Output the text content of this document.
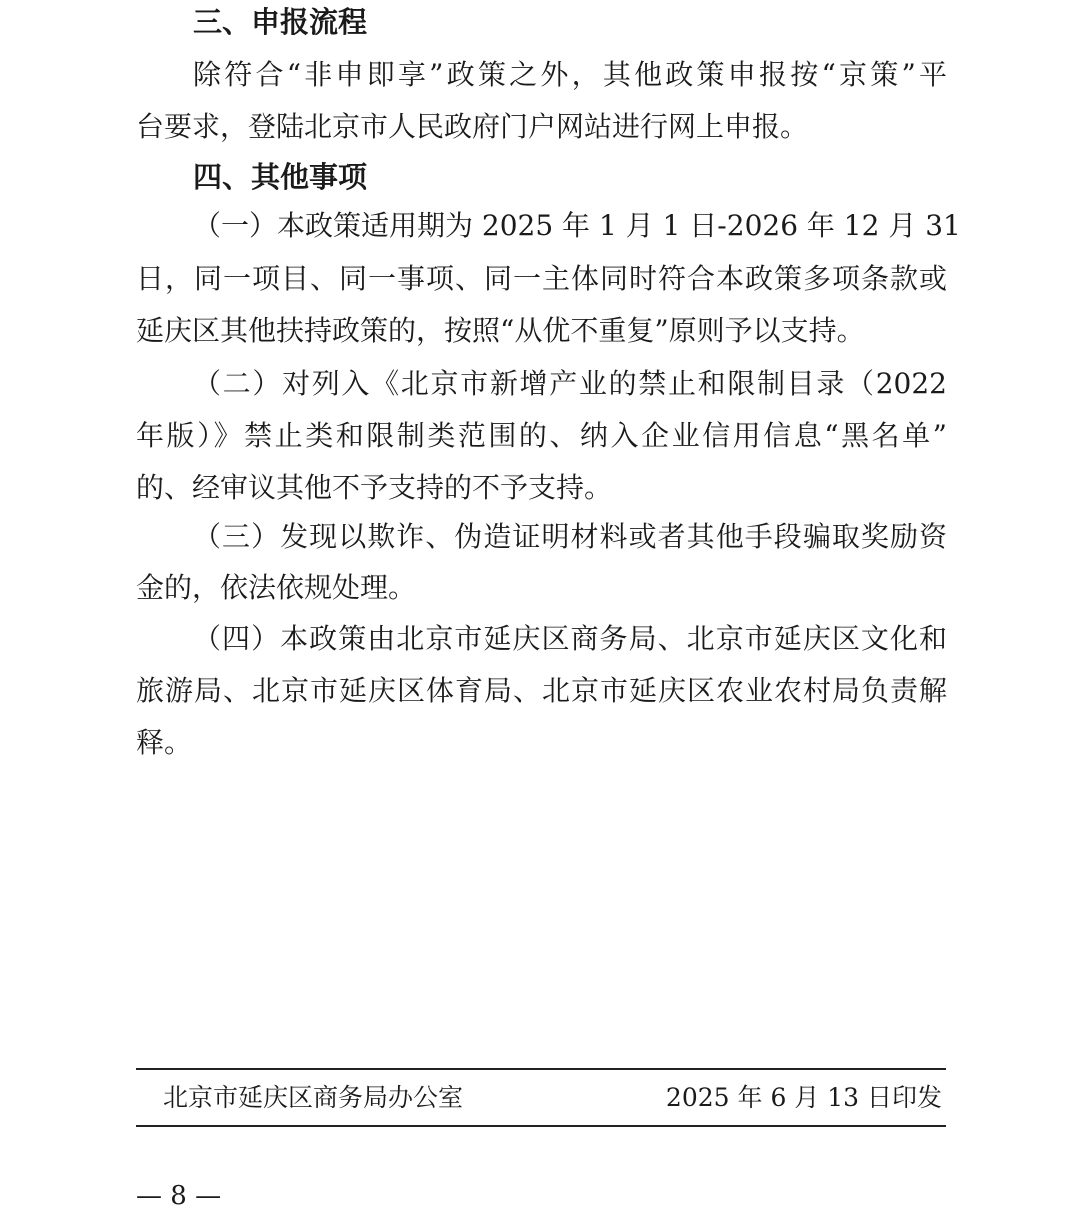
三、申报流程
除符合“非申即享”政策之外，其他政策申报按“京策”平
台要求，登陆北京市人民政府门户网站进行网上申报。
四、其他事项
（一）本政策适用期为 2025 年 1 月 1 日-2026 年 12 月 31
日，同一项目、同一事项、同一主体同时符合本政策多项条款或
延庆区其他扶持政策的，按照“从优不重复”原则予以支持。
（二）对列入《北京市新增产业的禁止和限制目录（2022
年版）》禁止类和限制类范围的、纳入企业信用信息“黑名单”
的、经审议其他不予支持的不予支持。
（三）发现以欺诈、伪造证明材料或者其他手段骗取奖励资
金的，依法依规处理。
（四）本政策由北京市延庆区商务局、北京市延庆区文化和
旅游局、北京市延庆区体育局、北京市延庆区农业农村局负责解
释。
北京市延庆区商务局办公室	2025 年 6 月 13 日印发
— 8 —
